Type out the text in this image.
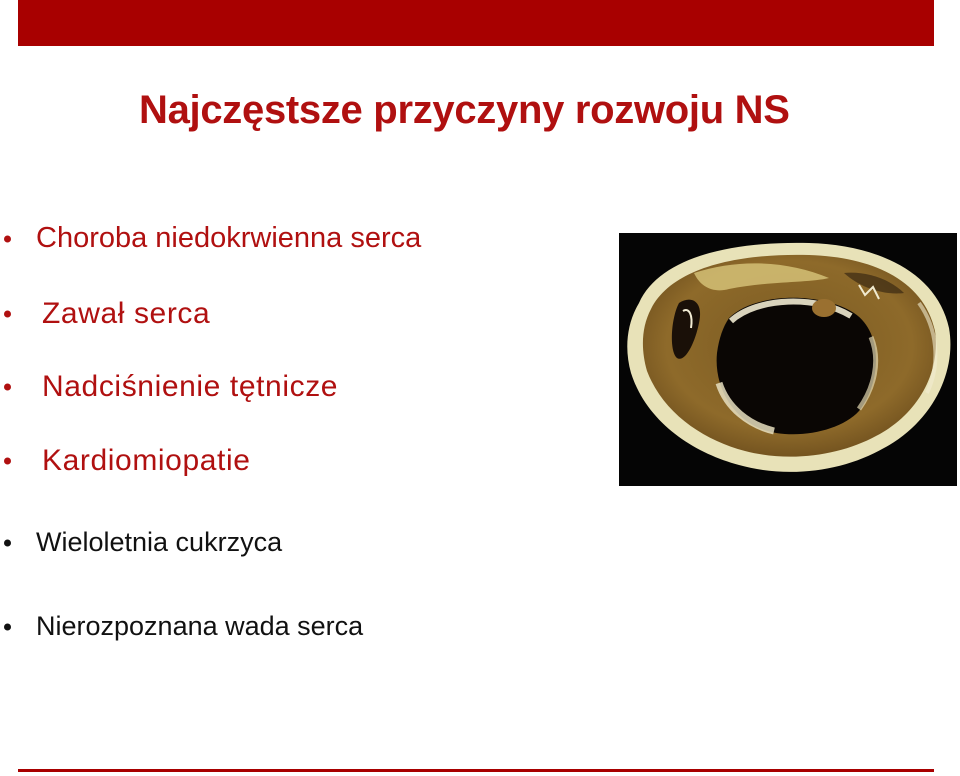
Najczęstsze przyczyny rozwoju NS
Choroba niedokrwienna serca
Zawał serca
Nadciśnienie tętnicze
Kardiomiopatie
Wieloletnia cukrzyca
Nierozpoznana wada serca
